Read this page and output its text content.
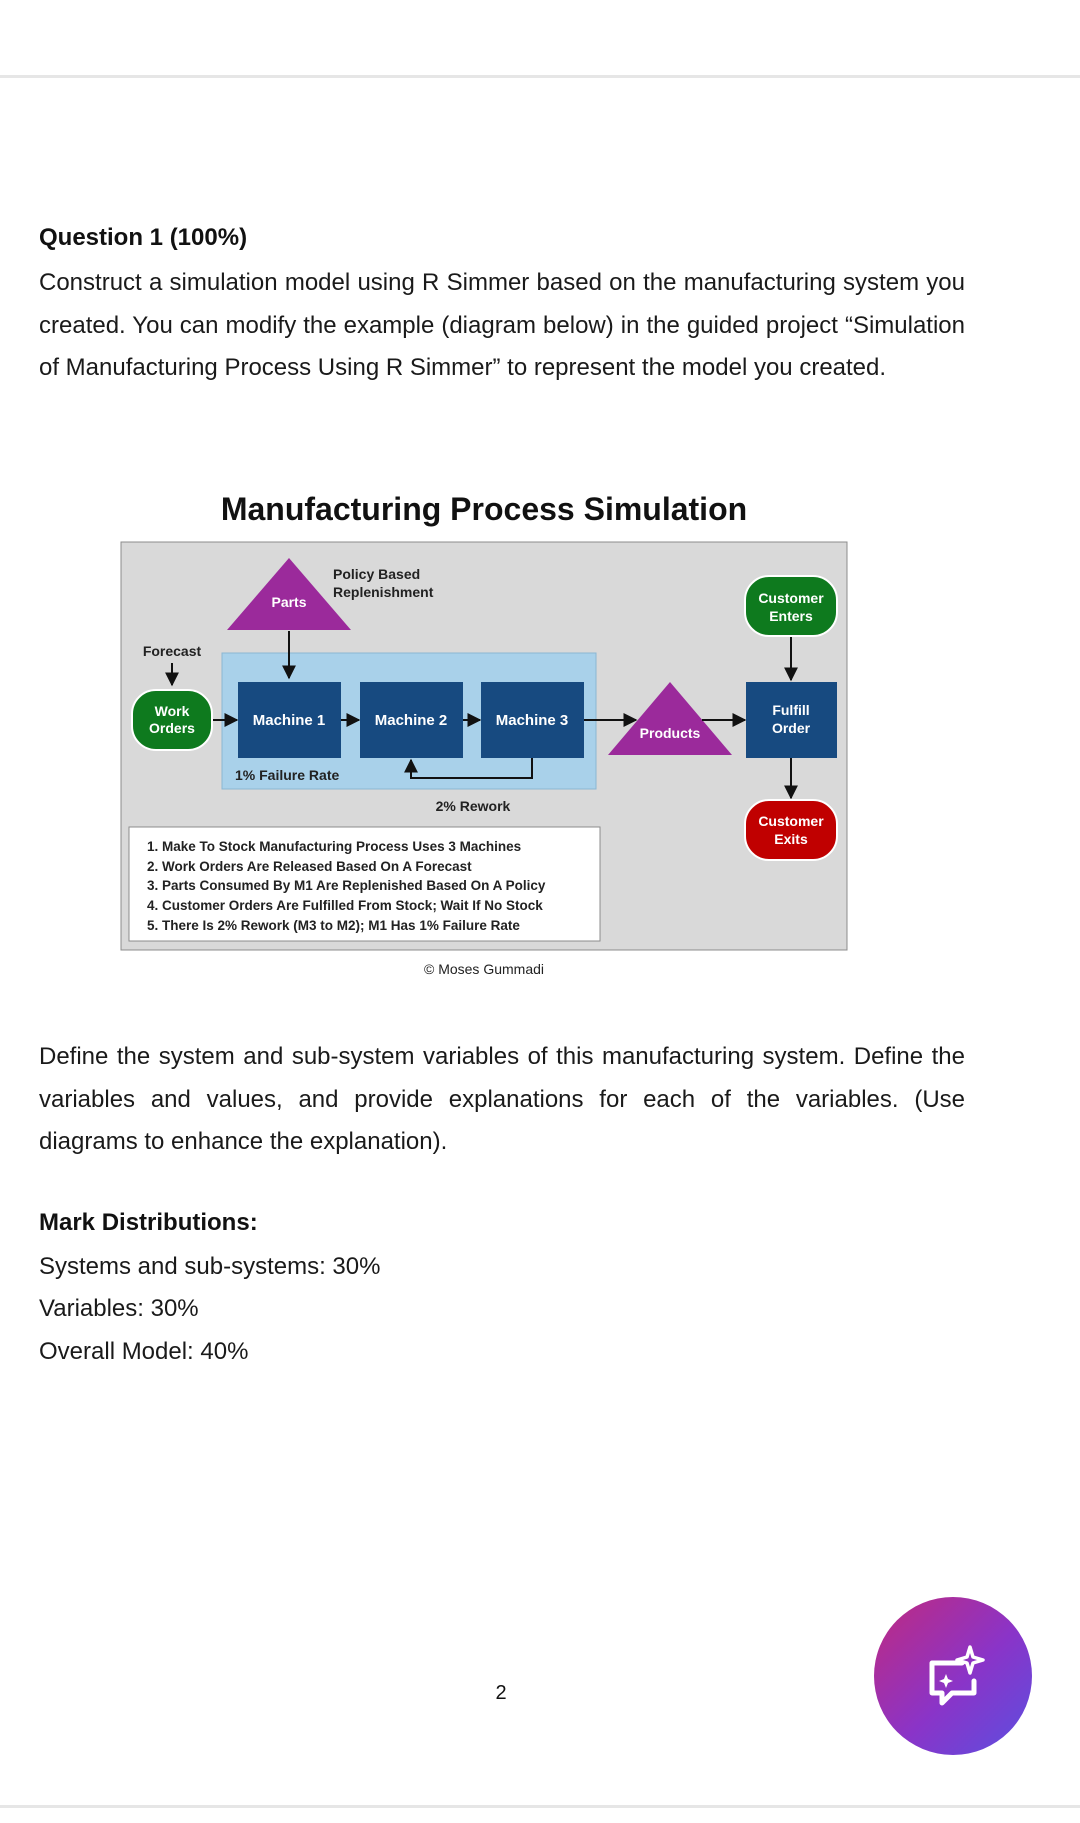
Question 1 (100%)
Construct a simulation model using R Simmer based on the manufacturing system you created. You can modify the example (diagram below) in the guided project “Simulation of Manufacturing Process Using R Simmer” to represent the model you created.
Manufacturing Process Simulation
Parts
Policy Based
Replenishment
Forecast
Work
Orders	Machine 1	Machine 2	Machine 3
1% Failure Rate
2% Rework
Products
Customer
Enters
Fulfill
Order
Customer
Exits
1. Make To Stock Manufacturing Process Uses 3 Machines
2. Work Orders Are Released Based On A Forecast
3. Parts Consumed By M1 Are Replenished Based On A Policy
4. Customer Orders Are Fulfilled From Stock; Wait If No Stock
5. There Is 2% Rework (M3 to M2); M1 Has 1% Failure Rate
© Moses Gummadi
Define the system and sub-system variables of this manufacturing system. Define the variables and values, and provide explanations for each of the variables. (Use diagrams to enhance the explanation).
Mark Distributions:
Systems and sub-systems: 30%
Variables: 30%
Overall Model: 40%
2
